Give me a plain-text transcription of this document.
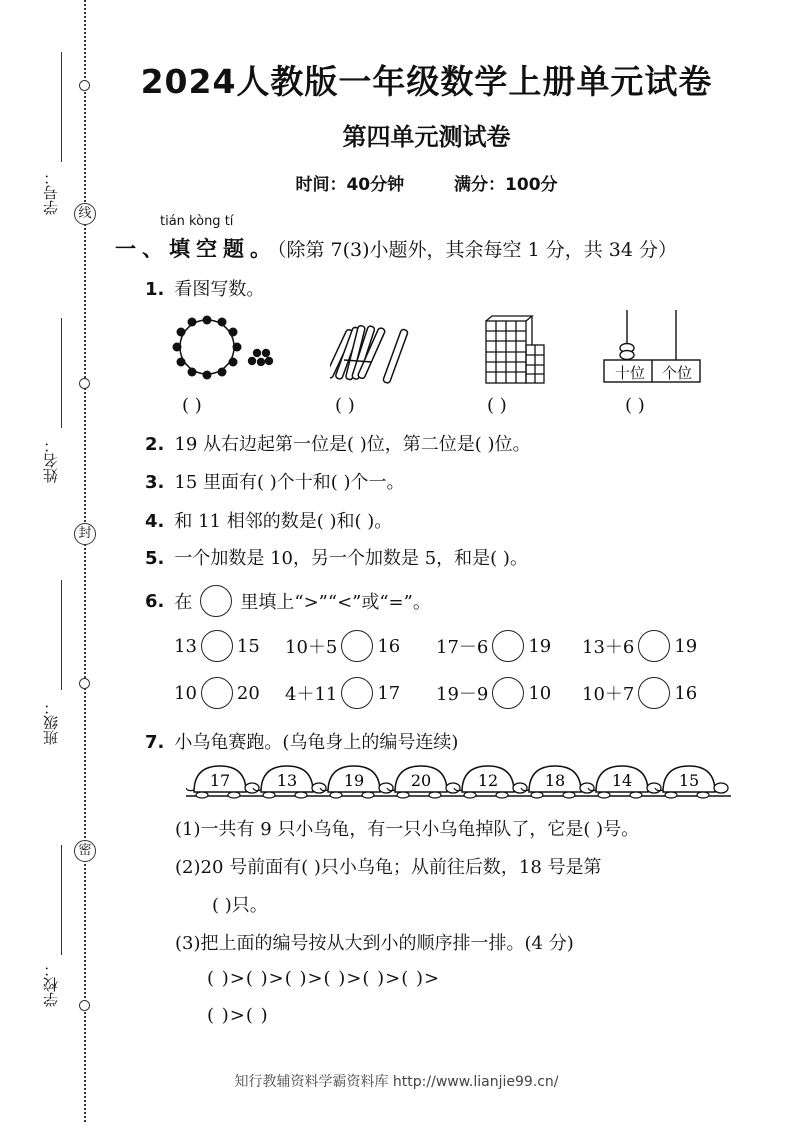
线
封
密
学号：
姓名：
班级：
学校：
2024人教版一年级数学上册单元试卷
第四单元测试卷
时间：40分钟	满分：100分
tián kòng tí
一、填空题。（除第 7(3)小题外，其余每空 1 分，共 34 分）
1. 看图写数。
十位	个位
( )	( )	( )	( )
2. 19 从右边起第一位是( )位，第二位是( )位。
3. 15 里面有( )个十和( )个一。
4. 和 11 相邻的数是( )和( )。
5. 一个加数是 10，另一个加数是 5，和是( )。
6. 在	里填上“>”“<”或“=”。
13 15 10＋5 16 17－6 19 13＋6 19
10 20 4＋11 17 19－9 10 10＋7 16
7. 小乌龟赛跑。(乌龟身上的编号连续)
17	13	19	20	12	18	14	15
(1)一共有 9 只小乌龟，有一只小乌龟掉队了，它是( )号。
(2)20 号前面有( )只小乌龟；从前往后数，18 号是第
( )只。
(3)把上面的编号按从大到小的顺序排一排。(4 分)
( )>( )>( )>( )>( )>( )>
( )>( )
知行教辅资料学霸资料库 http://www.lianjie99.cn/
